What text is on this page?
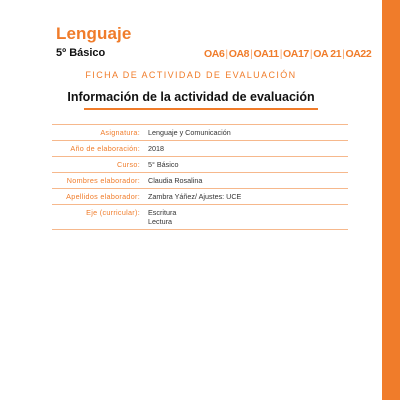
Lenguaje
5º Básico	OA6|OA8|OA11|OA17|OA 21|OA22
FICHA DE ACTIVIDAD DE EVALUACIÓN
Información de la actividad de evaluación
Asignatura:	Lenguaje y Comunicación

Año de elaboración:	2018

Curso:	5° Básico

Nombres elaborador:	Claudia Rosalina

Apellidos elaborador:	Zambra Yáñez/ Ajustes: UCE

Eje (curricular):	Escritura
Lectura
